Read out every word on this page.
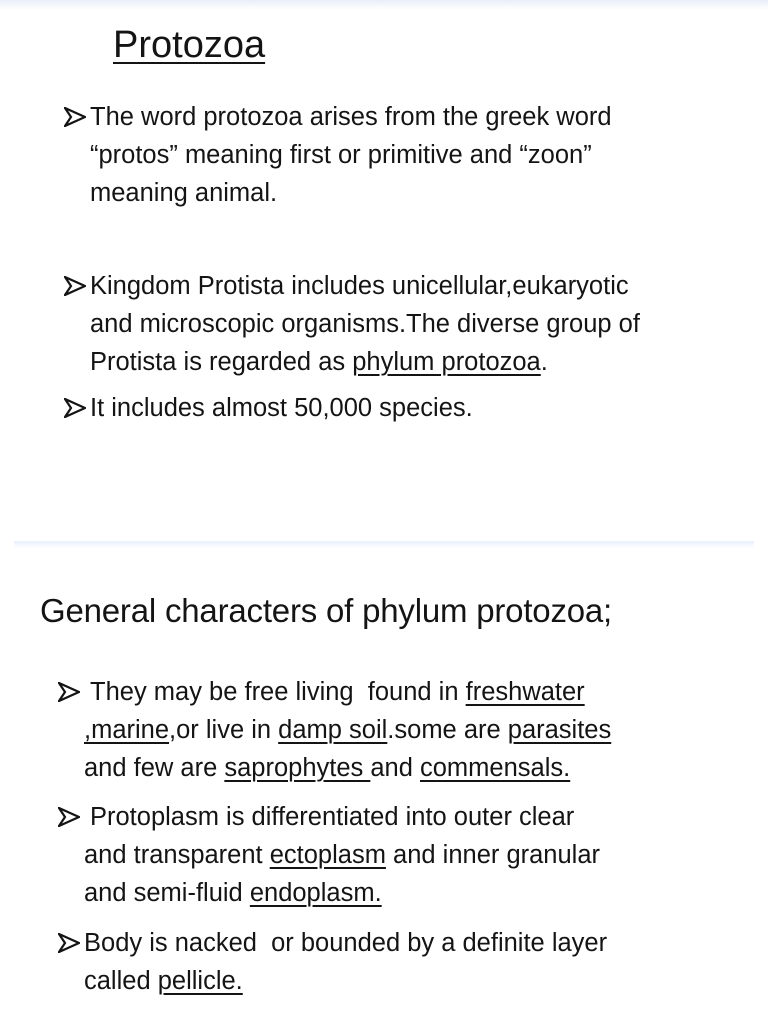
Protozoa
The word protozoa arises from the greek word
“protos” meaning first or primitive and “zoon”
meaning animal.
Kingdom Protista includes unicellular,eukaryotic
and microscopic organisms.The diverse group of
Protista is regarded as phylum protozoa.
It includes almost 50,000 species.
General characters of phylum protozoa;
They may be free living  found in freshwater
,marine,or live in damp soil.some are parasites
and few are saprophytes and commensals.
Protoplasm is differentiated into outer clear
and transparent ectoplasm and inner granular
and semi-fluid endoplasm.
Body is nacked  or bounded by a definite layer
called pellicle.
